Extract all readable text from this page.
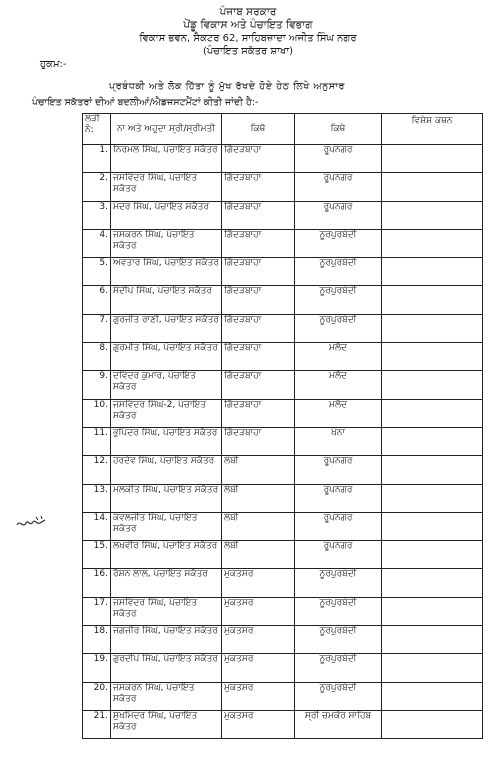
ਪੰਜਾਬ ਸਰਕਾਰ
ਪੇਂਡੂ ਵਿਕਾਸ ਅਤੇ ਪੰਚਾਇਤ ਵਿਭਾਗ
ਵਿਕਾਸ ਭਵਨ, ਸੈਕਟਰ 62, ਸਾਹਿਬਜ਼ਾਦਾ ਅਜੀਤ ਸਿੰਘ ਨਗਰ
(ਪੰਚਾਇਤ ਸਕੱਤਰ ਸ਼ਾਖਾ)
ਹੁਕਮ:-
ਪ੍ਰਬੰਧਕੀ ਅਤੇ ਲੋਕ ਹਿੱਤਾ ਨੂੰ ਮੁੱਖ ਰੱਖਦੇ ਹੋਏ ਹੇਠ ਲਿਖੇ ਅਨੁਸਾਰ
ਪੰਚਾਇਤ ਸਕੱਤਰਾਂ ਦੀਆਂ ਬਦਲੀਆਂ/ਐਡਜਸਟਮੈਂਟਾਂ ਕੀਤੀ ਜਾਂਦੀ ਹੈ:-
ਲੜੀ ਨੰ:	ਨਾ ਅਤੇ ਅਹੁਦਾ ਸ੍ਰੀ/ਸ੍ਰੀਮਤੀ	ਕਿਥੋ	ਕਿਥੇ	ਵਿਸ਼ੇਸ਼ ਕਥਨ
1.	ਨਿਰਮਲ ਸਿੰਘ, ਪੰਚਾਇਤ ਸਕੱਤਰ	ਗਿੱਦੜਬਾਹਾ	ਰੂਪਨਗਰ	
2.	ਜਸਵਿੰਦਰ ਸਿੰਘ, ਪੰਚਾਇਤ ਸਕੱਤਰ	ਗਿੱਦੜਬਾਹਾ	ਰੂਪਨਗਰ	
3.	ਮੰਦਰ ਸਿੰਘ, ਪੰਚਾਇਤ ਸਕੱਤਰ	ਗਿੱਦੜਬਾਹਾ	ਰੂਪਨਗਰ	
4.	ਜਸਕਰਨ ਸਿੰਘ, ਪੰਚਾਇਤ ਸਕੱਤਰ	ਗਿੱਦੜਬਾਹਾ	ਨੂਰਪੁਰਬੇਦੀ	
5.	ਅਵਤਾਰ ਸਿੰਘ, ਪੰਚਾਇਤ ਸਕੱਤਰ	ਗਿੱਦੜਬਾਹਾ	ਨੂਰਪੁਰਬੇਦੀ	
6.	ਸੰਦੀਪ ਸਿੰਘ, ਪੰਚਾਇਤ ਸਕੱਤਰ	ਗਿੱਦੜਬਾਹਾ	ਨੂਰਪੁਰਬੇਦੀ	
7.	ਗੁਰਜੀਤ ਰਾਣੀ, ਪੰਚਾਇਤ ਸਕੱਤਰ	ਗਿੱਦੜਬਾਹਾ	ਨੂਰਪੁਰਬੇਦੀ	
8.	ਗੁਰਮੀਤ ਸਿੰਘ, ਪੰਚਾਇਤ ਸਕੱਤਰ	ਗਿੱਦੜਬਾਹਾ	ਮਲੋਦ	
9.	ਦਵਿੰਦਰ ਕੁਮਾਰ, ਪੰਚਾਇਤ ਸਕੱਤਰ	ਗਿੱਦੜਬਾਹਾ	ਮਲੋਦ	
10.	ਜਸਵਿੰਦਰ ਸਿੰਘ-2, ਪੰਚਾਇਤ ਸਕੱਤਰ	ਗਿੱਦੜਬਾਹਾ	ਮਲੋਦ	
11.	ਭੁਪਿੰਦਰ ਸਿੰਘ, ਪੰਚਾਇਤ ਸਕੱਤਰ	ਗਿੱਦੜਬਾਹਾ	ਖੰਨਾ	
12.	ਹਰਦੇਵ ਸਿੰਘ, ਪੰਚਾਇਤ ਸਕੱਤਰ	ਲੰਬੀ	ਰੂਪਨਗਰ	
13.	ਮਲਕੀਤ ਸਿੰਘ, ਪੰਚਾਇਤ ਸਕੱਤਰ	ਲੰਬੀ	ਰੂਪਨਗਰ	
14.	ਕੰਵਲਜੀਤ ਸਿੰਘ, ਪੰਚਾਇਤ ਸਕੱਤਰ	ਲੰਬੀ	ਰੂਪਨਗਰ	
15.	ਲਖਵੀਰ ਸਿੰਘ, ਪੰਚਾਇਤ ਸਕੱਤਰ	ਲੰਬੀ	ਰੂਪਨਗਰ	
16.	ਰੋਸ਼ਨ ਲਾਲ, ਪੰਚਾਇਤ ਸਕੱਤਰ	ਮੁਕਤਸਰ	ਨੂਰਪੁਰਬੇਦੀ	
17.	ਜਸਵਿੰਦਰ ਸਿੰਘ, ਪੰਚਾਇਤ ਸਕੱਤਰ	ਮੁਕਤਸਰ	ਨੂਰਪੁਰਬੇਦੀ	
18.	ਜਗਜੀਰ ਸਿੰਘ, ਪੰਚਾਇਤ ਸਕੱਤਰ	ਮੁਕਤਸਰ	ਨੂਰਪੁਰਬੇਦੀ	
19.	ਗੁਰਦੀਪ ਸਿੰਘ, ਪੰਚਾਇਤ ਸਕੱਤਰ	ਮੁਕਤਸਰ	ਨੂਰਪੁਰਬੇਦੀ	
20.	ਜਸਕਰਨ ਸਿੰਘ, ਪੰਚਾਇਤ ਸਕੱਤਰ	ਮੁਕਤਸਰ	ਨੂਰਪੁਰਬੇਦੀ	
21.	ਸੁਖਮਿੰਦਰ ਸਿੰਘ, ਪੰਚਾਇਤ ਸਕੱਤਰ	ਮੁਕਤਸਰ	ਸ੍ਰੀ ਚਮਕੌਰ ਸਾਹਿਬ	
